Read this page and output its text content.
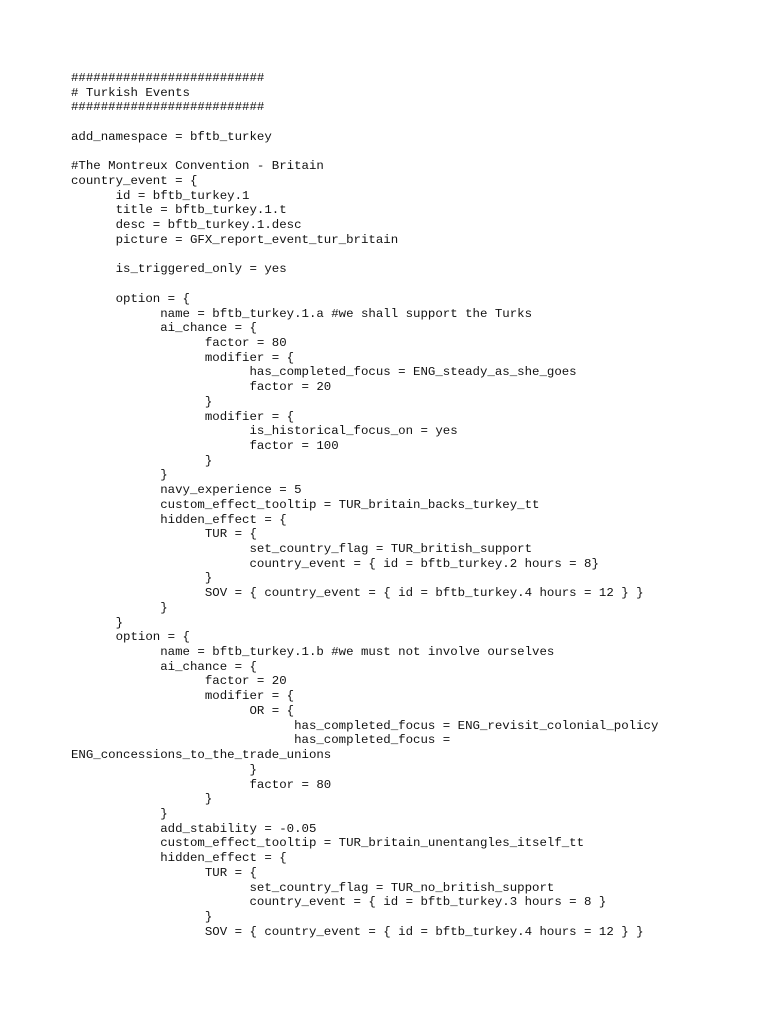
##########################
# Turkish Events
##########################
add_namespace = bftb_turkey
#The Montreux Convention - Britain
country_event = {
id = bftb_turkey.1
title = bftb_turkey.1.t
desc = bftb_turkey.1.desc
picture = GFX_report_event_tur_britain
is_triggered_only = yes
option = {
name = bftb_turkey.1.a #we shall support the Turks
ai_chance = {
factor = 80
modifier = {
has_completed_focus = ENG_steady_as_she_goes
factor = 20
}
modifier = {
is_historical_focus_on = yes
factor = 100
}
}
navy_experience = 5
custom_effect_tooltip = TUR_britain_backs_turkey_tt
hidden_effect = {
TUR = {
set_country_flag = TUR_british_support
country_event = { id = bftb_turkey.2 hours = 8}
}
SOV = { country_event = { id = bftb_turkey.4 hours = 12 } }
}
}
option = {
name = bftb_turkey.1.b #we must not involve ourselves
ai_chance = {
factor = 20
modifier = {
OR = {
has_completed_focus = ENG_revisit_colonial_policy
has_completed_focus =
ENG_concessions_to_the_trade_unions
}
factor = 80
}
}
add_stability = -0.05
custom_effect_tooltip = TUR_britain_unentangles_itself_tt
hidden_effect = {
TUR = {
set_country_flag = TUR_no_british_support
country_event = { id = bftb_turkey.3 hours = 8 }
}
SOV = { country_event = { id = bftb_turkey.4 hours = 12 } }
